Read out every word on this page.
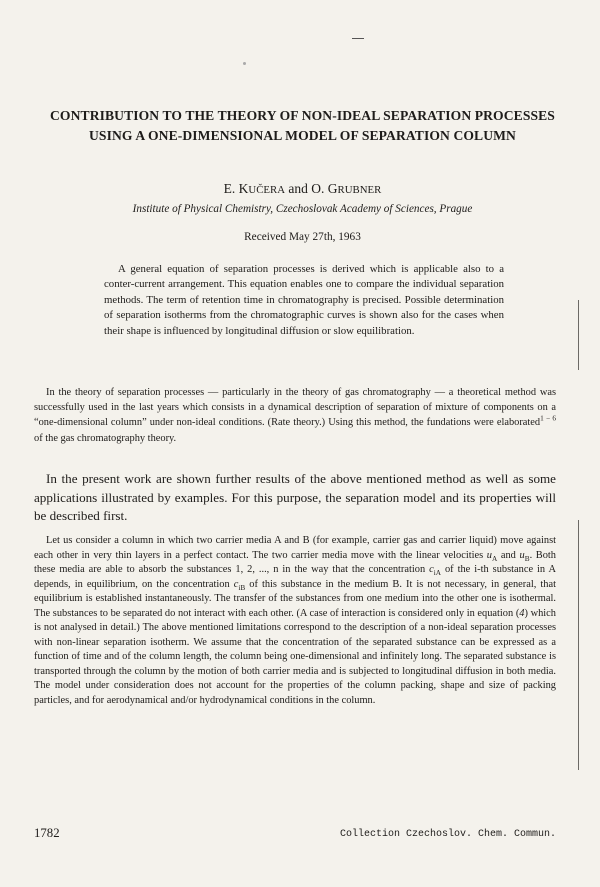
CONTRIBUTION TO THE THEORY OF NON-IDEAL SEPARATION PROCESSES USING A ONE-DIMENSIONAL MODEL OF SEPARATION COLUMN

E. KUČERA and O. GRUBNER

Institute of Physical Chemistry, Czechoslovak Academy of Sciences, Prague

Received May 27th, 1963

A general equation of separation processes is derived which is applicable also to a conter-current arrangement. This equation enables one to compare the individual separation methods. The term of retention time in chromatography is precised. Possible determination of separation isotherms from the chromatographic curves is shown also for the cases when their shape is influenced by longitudinal diffusion or slow equilibration.

In the theory of separation processes — particularly in the theory of gas chromatography — a theoretical method was successfully used in the last years which consists in a dynamical description of separation of mixture of components on a “one-dimensional column” under non-ideal conditions. (Rate theory.) Using this method, the fundations were elaborated$^{1 - 6}$ of the gas chromatography theory.

In the present work are shown further results of the above mentioned method as well as some applications illustrated by examples. For this purpose, the separation model and its properties will be described first.

Let us consider a column in which two carrier media A and B (for example, carrier gas and carrier liquid) move against each other in very thin layers in a perfect contact. The two carrier media move with the linear velocities $u_A$ and $u_B$. Both these media are able to absorb the substances 1, 2, ..., n in the way that the concentration $c_{iA}$ of the i-th substance in A depends, in equilibrium, on the concentration $c_{iB}$ of this substance in the medium B. It is not necessary, in general, that equilibrium is established instantaneously. The transfer of the substances from one medium into the other one is isothermal. The substances to be separated do not interact with each other. (A case of interaction is considered only in equation (4) which is not analysed in detail.) The above mentioned limitations correspond to the description of a non-ideal separation processes with non-linear separation isotherm. We assume that the concentration of the separated substance can be expressed as a function of time and of the column length, the column being one-dimensional and infinitely long. The separated substance is transported through the column by the motion of both carrier media and is subjected to longitudinal diffusion in both media. The model under consideration does not account for the properties of the column packing, shape and size of packing particles, and for aerodynamical and/or hydrodynamical conditions in the column.

1782	Collection Czechoslov. Chem. Commun.
